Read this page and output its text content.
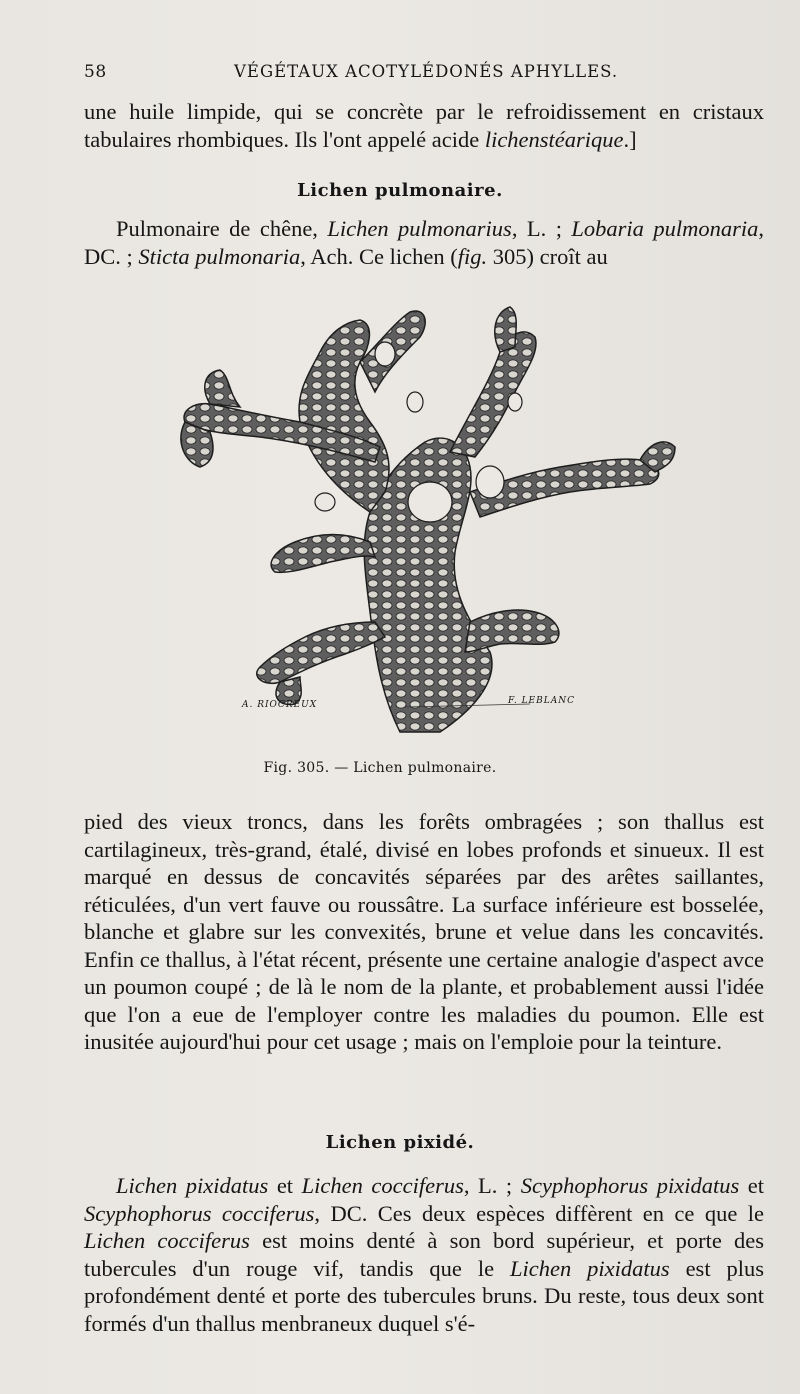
58	VÉGÉTAUX ACOTYLÉDONÉS APHYLLES.

une huile limpide, qui se concrète par le refroidissement en cristaux tabulaires rhombiques. Ils l'ont appelé acide lichenstéarique.]

Lichen pulmonaire.

Pulmonaire de chêne, Lichen pulmonarius, L. ; Lobaria pulmonaria, DC. ; Sticta pulmonaria, Ach. Ce lichen (fig. 305) croît au

A. RIOCREUX	F. LEBLANC
Fig. 305. — Lichen pulmonaire.

pied des vieux troncs, dans les forêts ombragées ; son thallus est cartilagineux, très-grand, étalé, divisé en lobes profonds et sinueux. Il est marqué en dessus de concavités séparées par des arêtes saillantes, réticulées, d'un vert fauve ou roussâtre. La surface inférieure est bosselée, blanche et glabre sur les convexités, brune et velue dans les concavités. Enfin ce thallus, à l'état récent, présente une certaine analogie d'aspect avce un poumon coupé ; de là le nom de la plante, et probablement aussi l'idée que l'on a eue de l'employer contre les maladies du poumon. Elle est inusitée aujourd'hui pour cet usage ; mais on l'emploie pour la teinture.

Lichen pixidé.

Lichen pixidatus et Lichen cocciferus, L. ; Scyphophorus pixidatus et Scyphophorus cocciferus, DC. Ces deux espèces diffèrent en ce que le Lichen cocciferus est moins denté à son bord supérieur, et porte des tubercules d'un rouge vif, tandis que le Lichen pixidatus est plus profondément denté et porte des tubercules bruns. Du reste, tous deux sont formés d'un thallus menbraneux duquel s'é-
